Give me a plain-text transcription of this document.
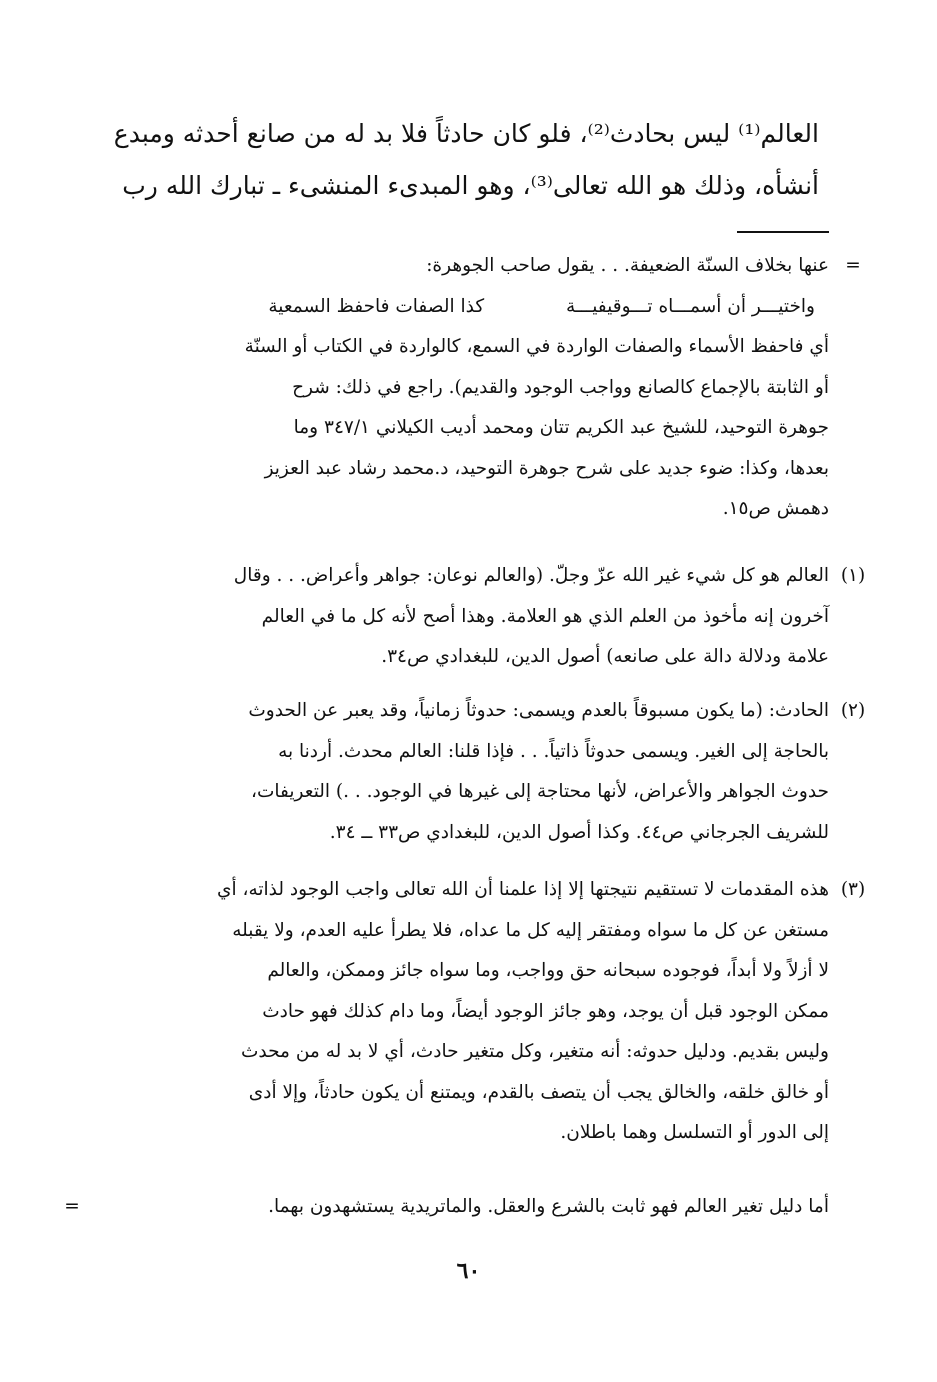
العالم⁽¹⁾ ليس بحادث⁽²⁾، فلو كان حادثاً فلا بد له من صانع أحدثه ومبدع
أنشأه، وذلك هو الله تعالى⁽³⁾، وهو المبدىء المنشىء ـ تبارك الله رب
=
عنها بخلاف السنّة الضعيفة. . . يقول صاحب الجوهرة:
واختيـــر أن أسمـــاه تـــوقيفيـــة كذا الصفات فاحفظ السمعية
أي فاحفظ الأسماء والصفات الواردة في السمع، كالواردة في الكتاب أو السنّة
أو الثابتة بالإجماع كالصانع وواجب الوجود والقديم). راجع في ذلك: شرح
جوهرة التوحيد، للشيخ عبد الكريم تتان ومحمد أديب الكيلاني ٣٤٧/١ وما
بعدها، وكذا: ضوء جديد على شرح جوهرة التوحيد، د.محمد رشاد عبد العزيز
دهمش ص١٥.
(١)
العالم هو كل شيء غير الله عزّ وجلّ. (والعالم نوعان: جواهر وأعراض. . . وقال
آخرون إنه مأخوذ من العلم الذي هو العلامة. وهذا أصح لأنه كل ما في العالم
علامة ودلالة دالة على صانعه) أصول الدين، للبغدادي ص٣٤.
(٢)
الحادث: (ما يكون مسبوقاً بالعدم ويسمى: حدوثاً زمانياً، وقد يعبر عن الحدوث
بالحاجة إلى الغير. ويسمى حدوثاً ذاتياً. . . فإذا قلنا: العالم محدث. أردنا به
حدوث الجواهر والأعراض، لأنها محتاجة إلى غيرها في الوجود. . .) التعريفات،
للشريف الجرجاني ص٤٤. وكذا أصول الدين، للبغدادي ص٣٣ ــ ٣٤.
(٣)
هذه المقدمات لا تستقيم نتيجتها إلا إذا علمنا أن الله تعالى واجب الوجود لذاته، أي
مستغن عن كل ما سواه ومفتقر إليه كل ما عداه، فلا يطرأ عليه العدم، ولا يقبله
لا أزلاً ولا أبداً، فوجوده سبحانه حق وواجب، وما سواه جائز وممكن، والعالم
ممكن الوجود قبل أن يوجد، وهو جائز الوجود أيضاً، وما دام كذلك فهو حادث
وليس بقديم. ودليل حدوثه: أنه متغير، وكل متغير حادث، أي لا بد له من محدث
أو خالق خلقه، والخالق يجب أن يتصف بالقدم، ويمتنع أن يكون حادثاً، وإلا أدى
إلى الدور أو التسلسل وهما باطلان.
أما دليل تغير العالم فهو ثابت بالشرع والعقل. والماتريدية يستشهدون بهما.
=
٦٠
